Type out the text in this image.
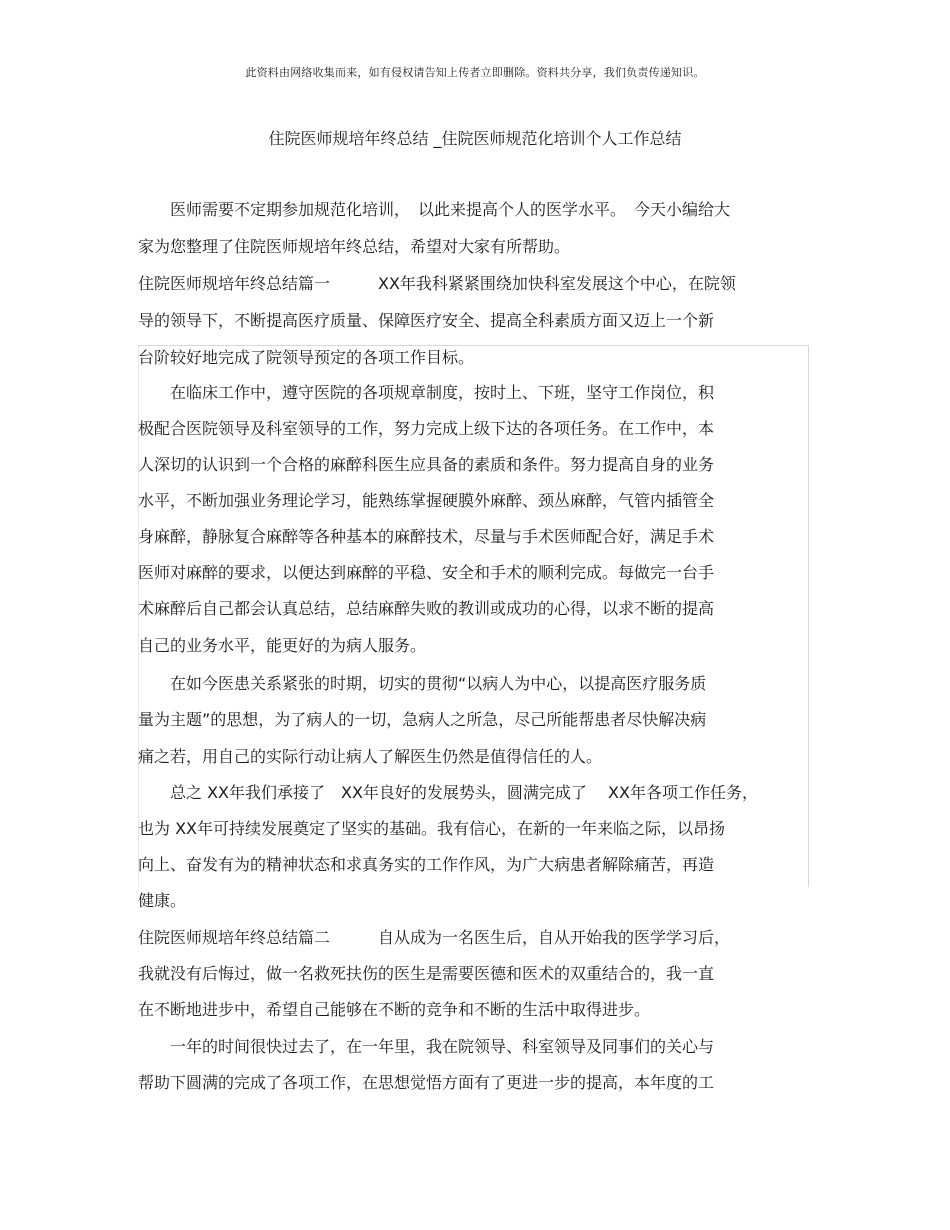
此资料由网络收集而来，如有侵权请告知上传者立即删除。资料共分享，我们负责传递知识。
住院医师规培年终总结 _住院医师规范化培训个人工作总结
　　医师需要不定期参加规范化培训，　以此来提高个人的医学水平。　今天小编给大
家为您整理了住院医师规培年终总结，希望对大家有所帮助。
住院医师规培年终总结篇一　　　XX年我科紧紧围绕加快科室发展这个中心，在院领
导的领导下，不断提高医疗质量、保障医疗安全、提高全科素质方面又迈上一个新
台阶较好地完成了院领导预定的各项工作目标。
　　在临床工作中，遵守医院的各项规章制度，按时上、下班，坚守工作岗位，积
极配合医院领导及科室领导的工作，努力完成上级下达的各项任务。在工作中，本
人深切的认识到一个合格的麻醉科医生应具备的素质和条件。努力提高自身的业务
水平，不断加强业务理论学习，能熟练掌握硬膜外麻醉、颈丛麻醉，气管内插管全
身麻醉，静脉复合麻醉等各种基本的麻醉技术，尽量与手术医师配合好，满足手术
医师对麻醉的要求，以便达到麻醉的平稳、安全和手术的顺利完成。每做完一台手
术麻醉后自己都会认真总结，总结麻醉失败的教训或成功的心得，以求不断的提高
自己的业务水平，能更好的为病人服务。
　　在如今医患关系紧张的时期，切实的贯彻“以病人为中心，以提高医疗服务质
量为主题”的思想，为了病人的一切，急病人之所急，尽己所能帮患者尽快解决病
痛之若，用自己的实际行动让病人了解医生仍然是值得信任的人。
　　总之 XX年我们承接了　XX年良好的发展势头，圆满完成了　 XX年各项工作任务，
也为 XX年可持续发展奠定了坚实的基础。我有信心，在新的一年来临之际，以昂扬
向上、奋发有为的精神状态和求真务实的工作作风，为广大病患者解除痛苦，再造
健康。
住院医师规培年终总结篇二　　　自从成为一名医生后，自从开始我的医学学习后，
我就没有后悔过，做一名救死扶伤的医生是需要医德和医术的双重结合的，我一直
在不断地进步中，希望自己能够在不断的竞争和不断的生活中取得进步。
　　一年的时间很快过去了，在一年里，我在院领导、科室领导及同事们的关心与
帮助下圆满的完成了各项工作，在思想觉悟方面有了更进一步的提高，本年度的工
